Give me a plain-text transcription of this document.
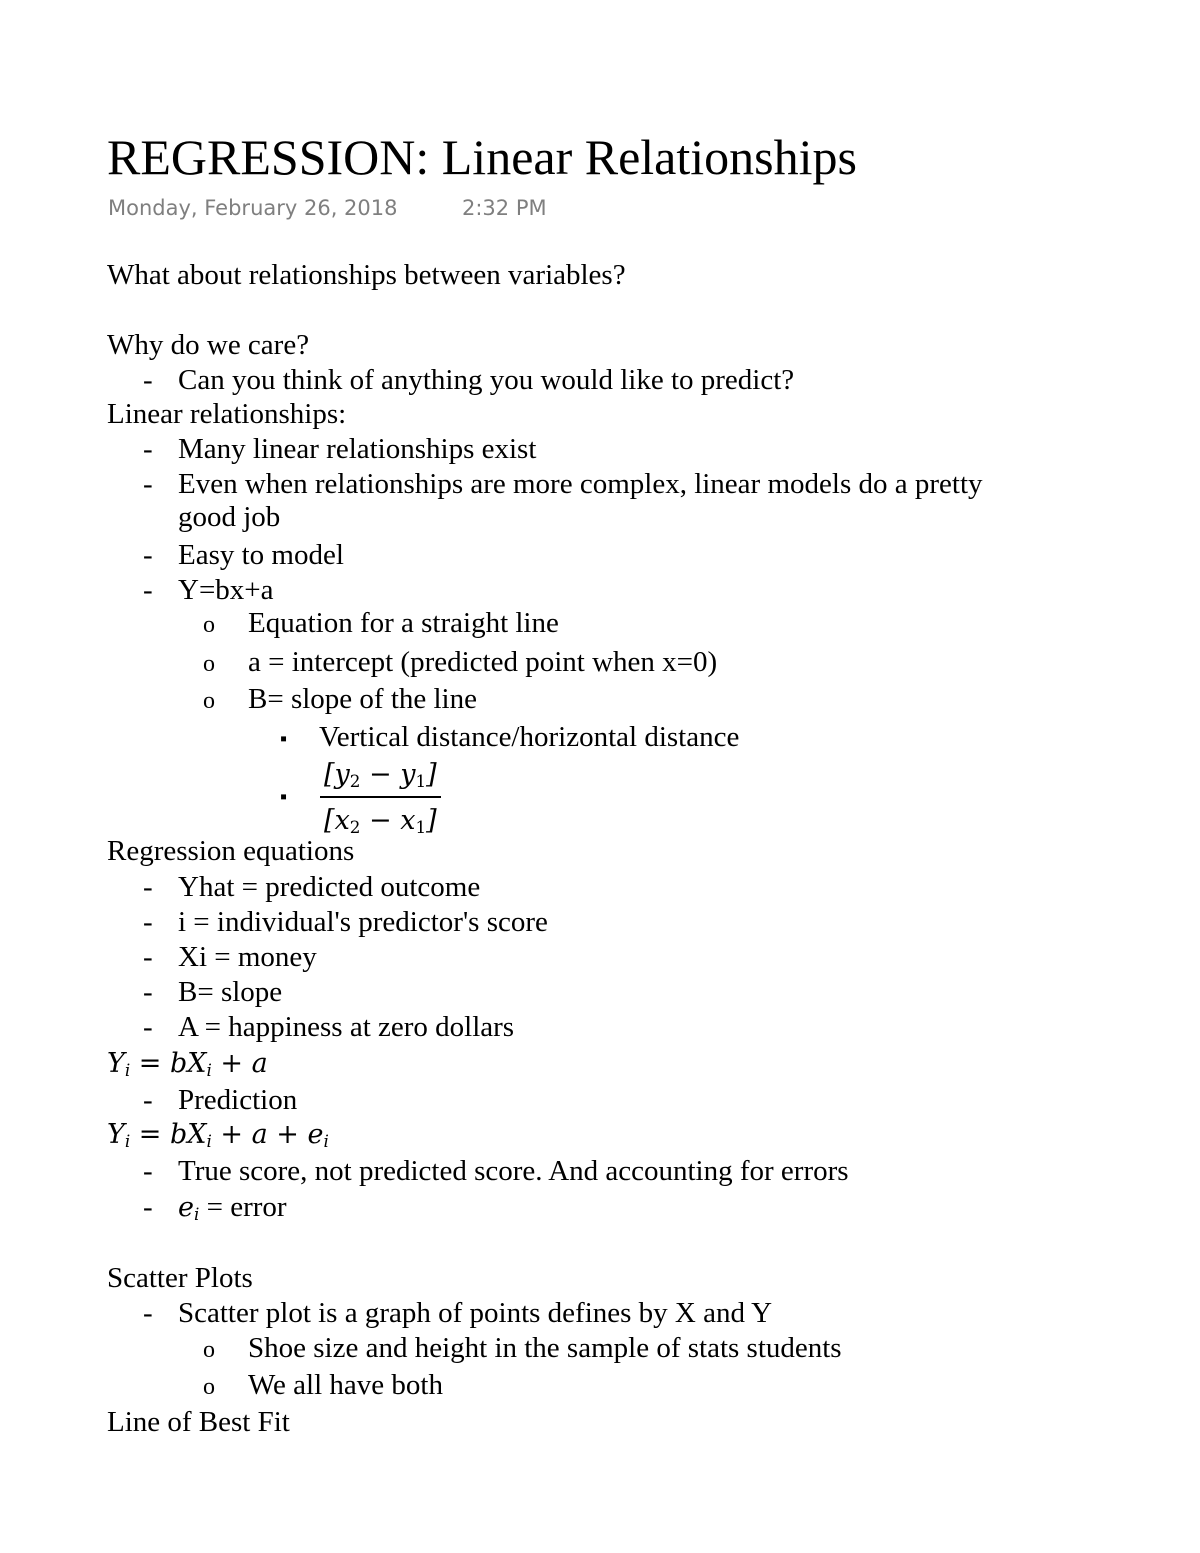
REGRESSION: Linear Relationships
Monday, February 26, 2018	2:32 PM
What about relationships between variables?
Why do we care?
- Can you think of anything you would like to predict?
Linear relationships:
- Many linear relationships exist
- Even when relationships are more complex, linear models do a pretty
good job
- Easy to model
- Y=bx+a
o Equation for a straight line
o a = intercept (predicted point when x=0)
o B= slope of the line
▪ Vertical distance/horizontal distance
▪ $\frac{[y_2 - y_1]}{[x_2 - x_1]}$
Regression equations
- Yhat = predicted outcome
- i = individual's predictor's score
- Xi = money
- B= slope
- A = happiness at zero dollars
$Y_i = bX_i + a$
- Prediction
$Y_i = bX_i + a + e_i$
- True score, not predicted score. And accounting for errors
- $e_i$ = error
Scatter Plots
- Scatter plot is a graph of points defines by X and Y
o Shoe size and height in the sample of stats students
o We all have both
Line of Best Fit
